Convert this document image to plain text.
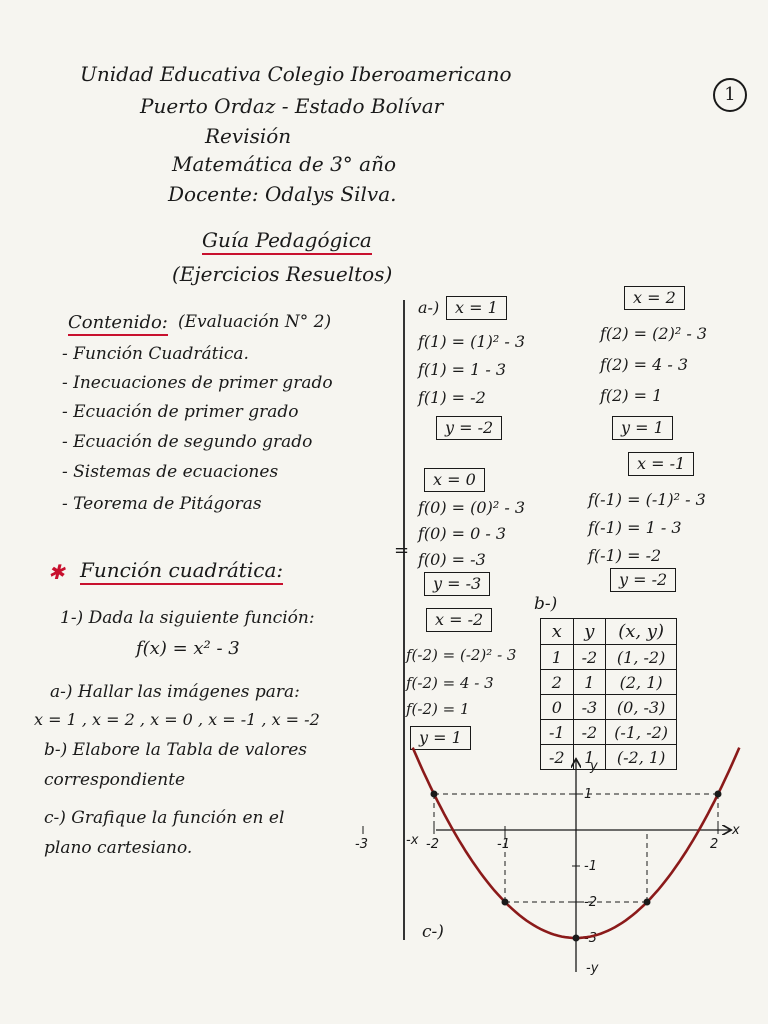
Unidad Educativa Colegio Iberoamericano
Puerto Ordaz - Estado Bolívar
Revisión
Matemática de 3° año
Docente: Odalys Silva.
1
Guía Pedagógica
(Ejercicios Resueltos)
Contenido: (Evaluación N° 2)
- Función Cuadrática.
- Inecuaciones de primer grado
- Ecuación de primer grado
- Ecuación de segundo grado
- Sistemas de ecuaciones
- Teorema de Pitágoras
✱ Función cuadrática:
1-) Dada la siguiente función:
f(x) = x² - 3
a-) Hallar las imágenes para:
x = 1 , x = 2 , x = 0 , x = -1 , x = -2
b-) Elabore la Tabla de valores
correspondiente
c-) Grafique la función en el
plano cartesiano.
=
a-) x = 1
f(1) = (1)² - 3
f(1) = 1 - 3
f(1) = -2
y = -2
x = 2
f(2) = (2)² - 3
f(2) = 4 - 3
f(2) = 1
y = 1
x = 0
f(0) = (0)² - 3
f(0) = 0 - 3
f(0) = -3
y = -3
x = -1
f(-1) = (-1)² - 3
f(-1) = 1 - 3
f(-1) = -2
y = -2
x = -2
f(-2) = (-2)² - 3
f(-2) = 4 - 3
f(-2) = 1
y = 1
b-)
x	y	(x, y)
1	-2	(1, -2)
2	1	(2, 1)
0	-3	(0, -3)
-1	-2	(-1, -2)
-2	1	(-2, 1)
c-)
x
-x
y
-y
-3	-2	-1	2
1
-1
-2
-3
